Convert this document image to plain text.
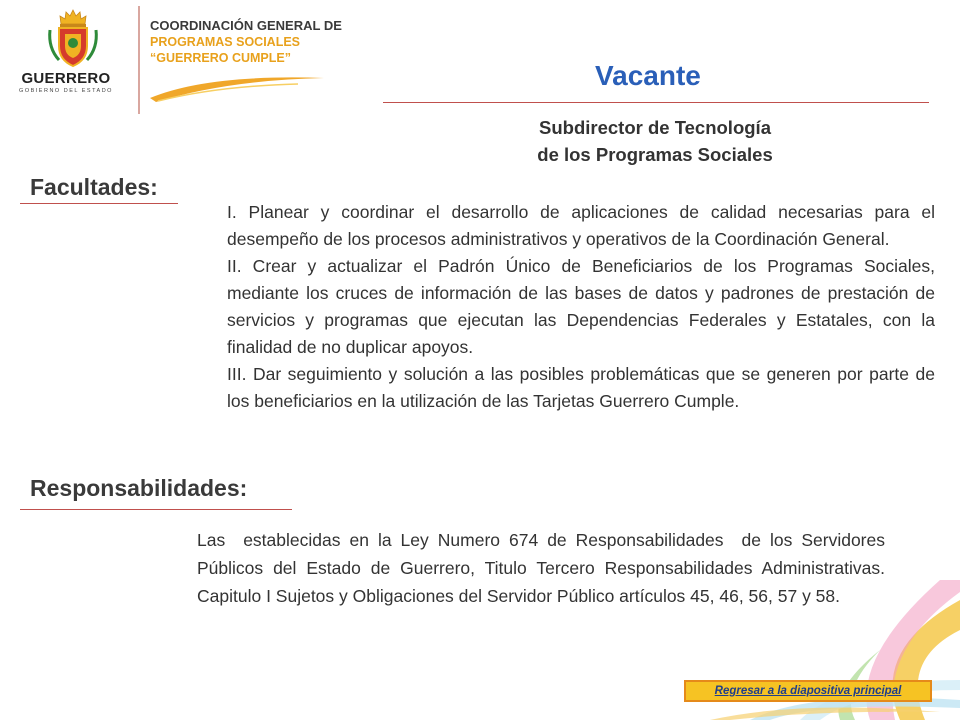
GUERRERO
GOBIERNO DEL ESTADO
COORDINACIÓN GENERAL DE
PROGRAMAS SOCIALES
“GUERRERO CUMPLE”
Vacante
Subdirector de Tecnología
de los Programas Sociales
Facultades:

I. Planear y coordinar el desarrollo de aplicaciones de calidad necesarias para el desempeño de los procesos administrativos y operativos de la Coordinación General.

II. Crear y actualizar el Padrón Único de Beneficiarios de los Programas Sociales, mediante los cruces de información de las bases de datos y padrones de prestación de servicios y programas que ejecutan las Dependencias Federales y Estatales, con la finalidad de no duplicar apoyos.

III. Dar seguimiento y solución a las posibles problemáticas que se generen por parte de los beneficiarios en la utilización de las Tarjetas Guerrero Cumple.

Responsabilidades:

Las  establecidas en la Ley Numero 674 de Responsabilidades  de los Servidores Públicos del Estado de Guerrero, Titulo Tercero Responsabilidades Administrativas. Capitulo I Sujetos y Obligaciones del Servidor Público artículos 45, 46, 56, 57 y 58.

Regresar a la diapositiva principal
